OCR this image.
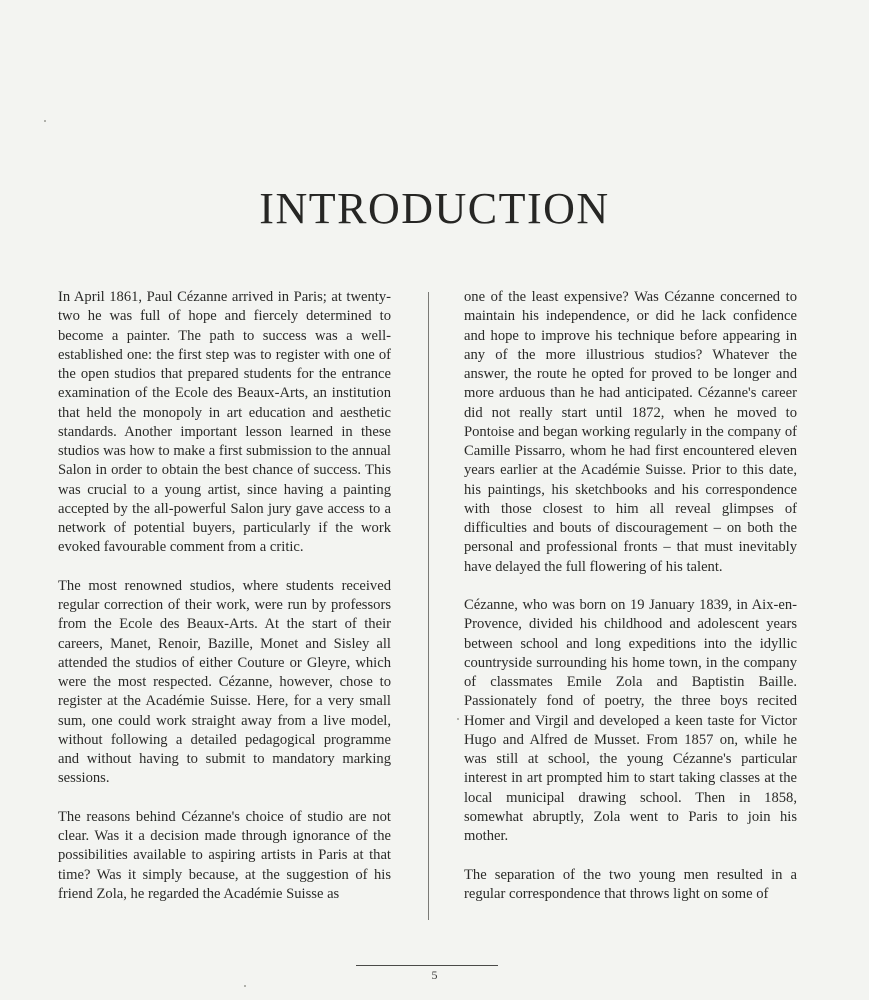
INTRODUCTION

In April 1861, Paul Cézanne arrived in Paris; at twenty-two he was full of hope and fiercely determined to become a painter. The path to success was a well-established one: the first step was to register with one of the open studios that prepared students for the entrance examination of the Ecole des Beaux-Arts, an institution that held the monopoly in art education and aesthetic standards. Another important lesson learned in these studios was how to make a first submission to the annual Salon in order to obtain the best chance of success. This was crucial to a young artist, since having a painting accepted by the all-powerful Salon jury gave access to a network of potential buyers, particularly if the work evoked favourable comment from a critic.

The most renowned studios, where students received regular correction of their work, were run by professors from the Ecole des Beaux-Arts. At the start of their careers, Manet, Renoir, Bazille, Monet and Sisley all attended the studios of either Couture or Gleyre, which were the most respected. Cézanne, however, chose to register at the Académie Suisse. Here, for a very small sum, one could work straight away from a live model, without following a detailed pedagogical programme and without having to submit to mandatory marking sessions.

The reasons behind Cézanne's choice of studio are not clear. Was it a decision made through ignorance of the possibilities available to aspiring artists in Paris at that time? Was it simply because, at the suggestion of his friend Zola, he regarded the Académie Suisse as

one of the least expensive? Was Cézanne concerned to maintain his independence, or did he lack confidence and hope to improve his technique before appearing in any of the more illustrious studios? Whatever the answer, the route he opted for proved to be longer and more arduous than he had anticipated. Cézanne's career did not really start until 1872, when he moved to Pontoise and began working regularly in the company of Camille Pissarro, whom he had first encountered eleven years earlier at the Académie Suisse. Prior to this date, his paintings, his sketchbooks and his correspondence with those closest to him all reveal glimpses of difficulties and bouts of discouragement – on both the personal and professional fronts – that must inevitably have delayed the full flowering of his talent.

Cézanne, who was born on 19 January 1839, in Aix-en-Provence, divided his childhood and adolescent years between school and long expeditions into the idyllic countryside surrounding his home town, in the company of classmates Emile Zola and Baptistin Baille. Passionately fond of poetry, the three boys recited Homer and Virgil and developed a keen taste for Victor Hugo and Alfred de Musset. From 1857 on, while he was still at school, the young Cézanne's particular interest in art prompted him to start taking classes at the local municipal drawing school. Then in 1858, somewhat abruptly, Zola went to Paris to join his mother.

The separation of the two young men resulted in a regular correspondence that throws light on some of

5
